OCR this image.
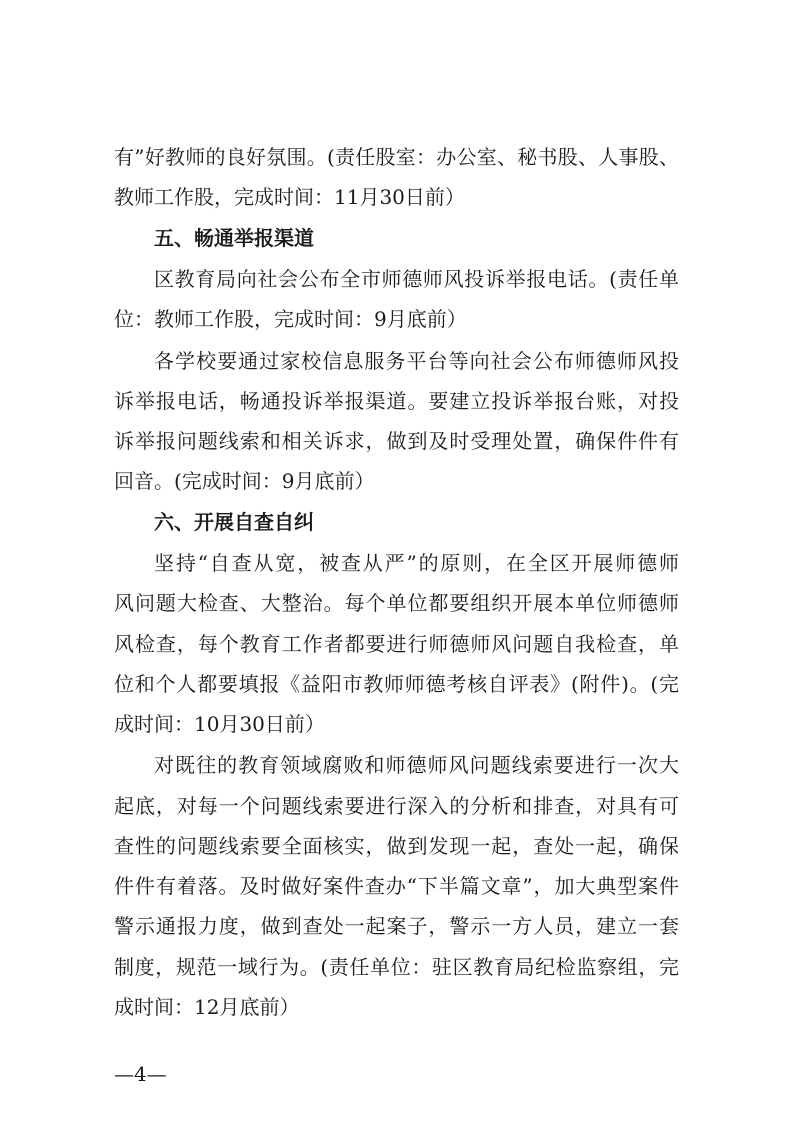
有”好教师的良好氛围。(责任股室：办公室、秘书股、人事股、
教师工作股，完成时间：11月30日前）
五、畅通举报渠道
区教育局向社会公布全市师德师风投诉举报电话。(责任单
位：教师工作股，完成时间：9月底前）
各学校要通过家校信息服务平台等向社会公布师德师风投
诉举报电话，畅通投诉举报渠道。要建立投诉举报台账，对投
诉举报问题线索和相关诉求，做到及时受理处置，确保件件有
回音。(完成时间：9月底前）
六、开展自查自纠
坚持“自查从宽，被查从严”的原则，在全区开展师德师
风问题大检查、大整治。每个单位都要组织开展本单位师德师
风检查，每个教育工作者都要进行师德师风问题自我检查，单
位和个人都要填报《益阳市教师师德考核自评表》(附件)。(完
成时间：10月30日前）
对既往的教育领域腐败和师德师风问题线索要进行一次大
起底，对每一个问题线索要进行深入的分析和排查，对具有可
查性的问题线索要全面核实，做到发现一起，查处一起，确保
件件有着落。及时做好案件查办“下半篇文章”，加大典型案件
警示通报力度，做到查处一起案子，警示一方人员，建立一套
制度，规范一域行为。(责任单位：驻区教育局纪检监察组，完
成时间：12月底前）
—4—
